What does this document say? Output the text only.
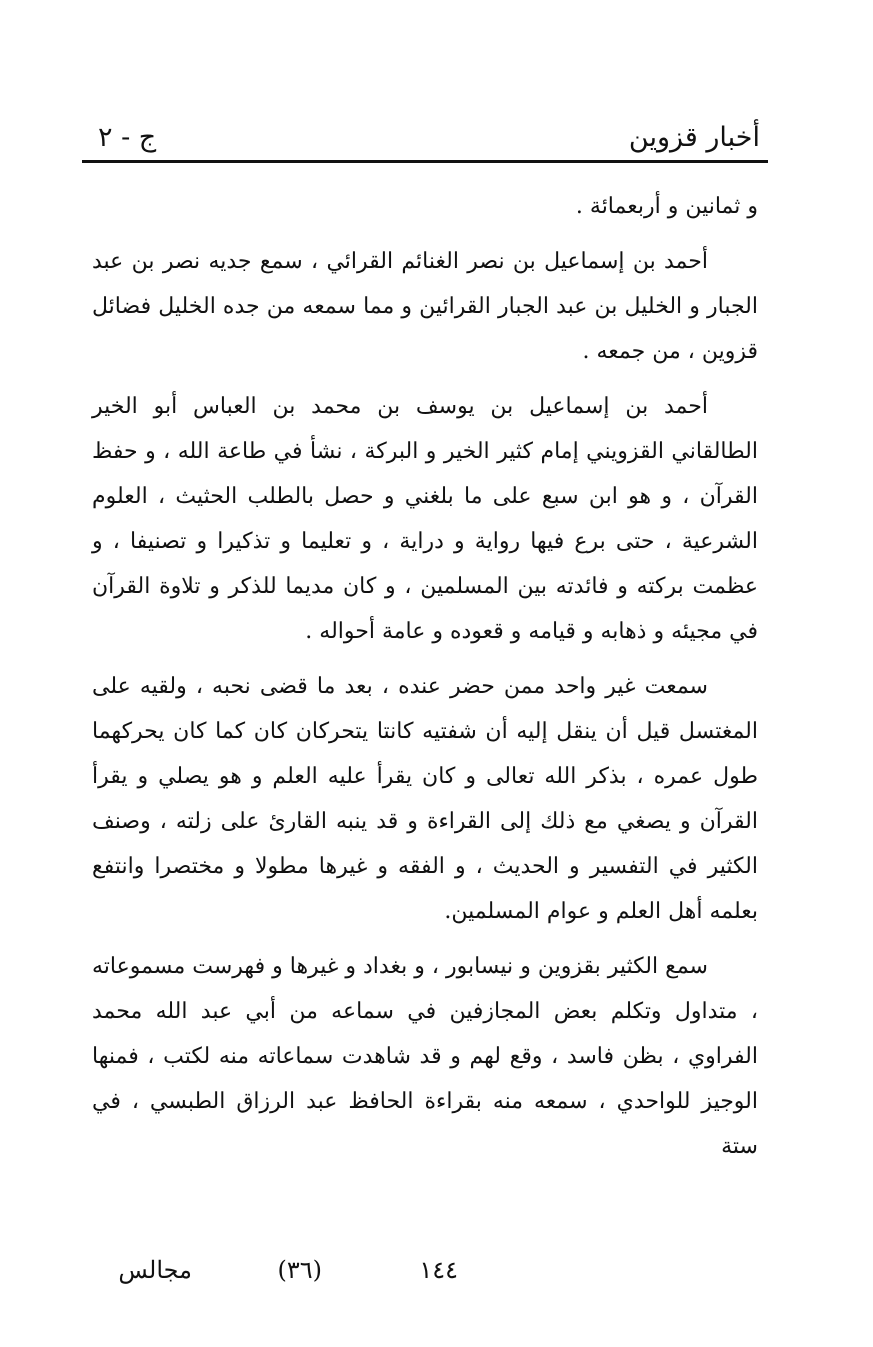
أخبار قزوين
ج - ٢

و ثمانين و أربعمائة .

أحمد بن إسماعيل بن نصر الغنائم القرائي ، سمع جديه نصر بن عبد الجبار و الخليل بن عبد الجبار القرائين و مما سمعه من جده الخليل فضائل قزوين ، من جمعه .

أحمد بن إسماعيل بن يوسف بن محمد بن العباس أبو الخير الطالقاني القزويني إمام كثير الخير و البركة ، نشأ في طاعة الله ، و حفظ القرآن ، و هو ابن سبع على ما بلغني و حصل بالطلب الحثيث ، العلوم الشرعية ، حتى برع فيها رواية و دراية ، و تعليما و تذكيرا و تصنيفا ، و عظمت بركته و فائدته بين المسلمين ، و كان مديما للذكر و تلاوة القرآن في مجيئه و ذهابه و قيامه و قعوده و عامة أحواله .

سمعت غير واحد ممن حضر عنده ، بعد ما قضى نحبه ، ولقيه على المغتسل قيل أن ينقل إليه أن شفتيه كانتا يتحركان كان كما كان يحركهما طول عمره ، بذكر الله تعالى و كان يقرأ عليه العلم و هو يصلي و يقرأ القرآن و يصغي مع ذلك إلى القراءة و قد ينبه القارئ على زلته ، وصنف الكثير في التفسير و الحديث ، و الفقه و غيرها مطولا و مختصرا وانتفع بعلمه أهل العلم و عوام المسلمين.

سمع الكثير بقزوين و نيسابور ، و بغداد و غيرها و فهرست مسموعاته ، متداول وتكلم بعض المجازفين في سماعه من أبي عبد الله محمد الفراوي ، بظن فاسد ، وقع لهم و قد شاهدت سماعاته منه لكتب ، فمنها الوجيز للواحدي ، سمعه منه بقراءة الحافظ عبد الرزاق الطبسي ، في ستة

١٤٤
(٣٦)
مجالس
